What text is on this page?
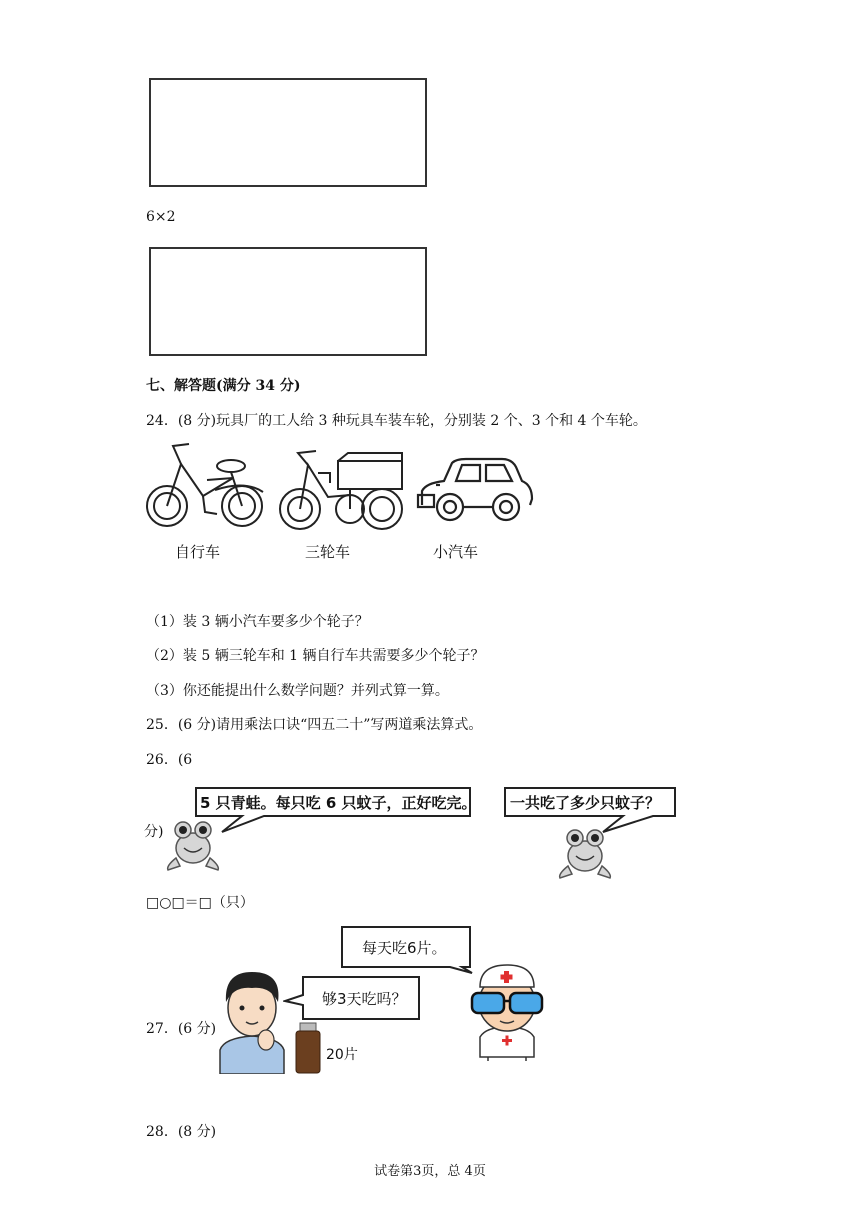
6×2
七、解答题(满分 34 分)
24．(8 分)玩具厂的工人给 3 种玩具车装车轮，分别装 2 个、3 个和 4 个车轮。
自行车	三轮车	小汽车
（1）装 3 辆小汽车要多少个轮子？
（2）装 5 辆三轮车和 1 辆自行车共需要多少个轮子？
（3）你还能提出什么数学问题？并列式算一算。
25．(6 分)请用乘法口诀“四五二十”写两道乘法算式。
26．(6
5 只青蛙。每只吃 6 只蚊子，正好吃完。 一共吃了多少只蚊子？
分)
□○□＝□（只）
每天吃6片。
27．(6 分)
够3天吃吗？
20片
28．(8 分)
试卷第3页，总 4页
